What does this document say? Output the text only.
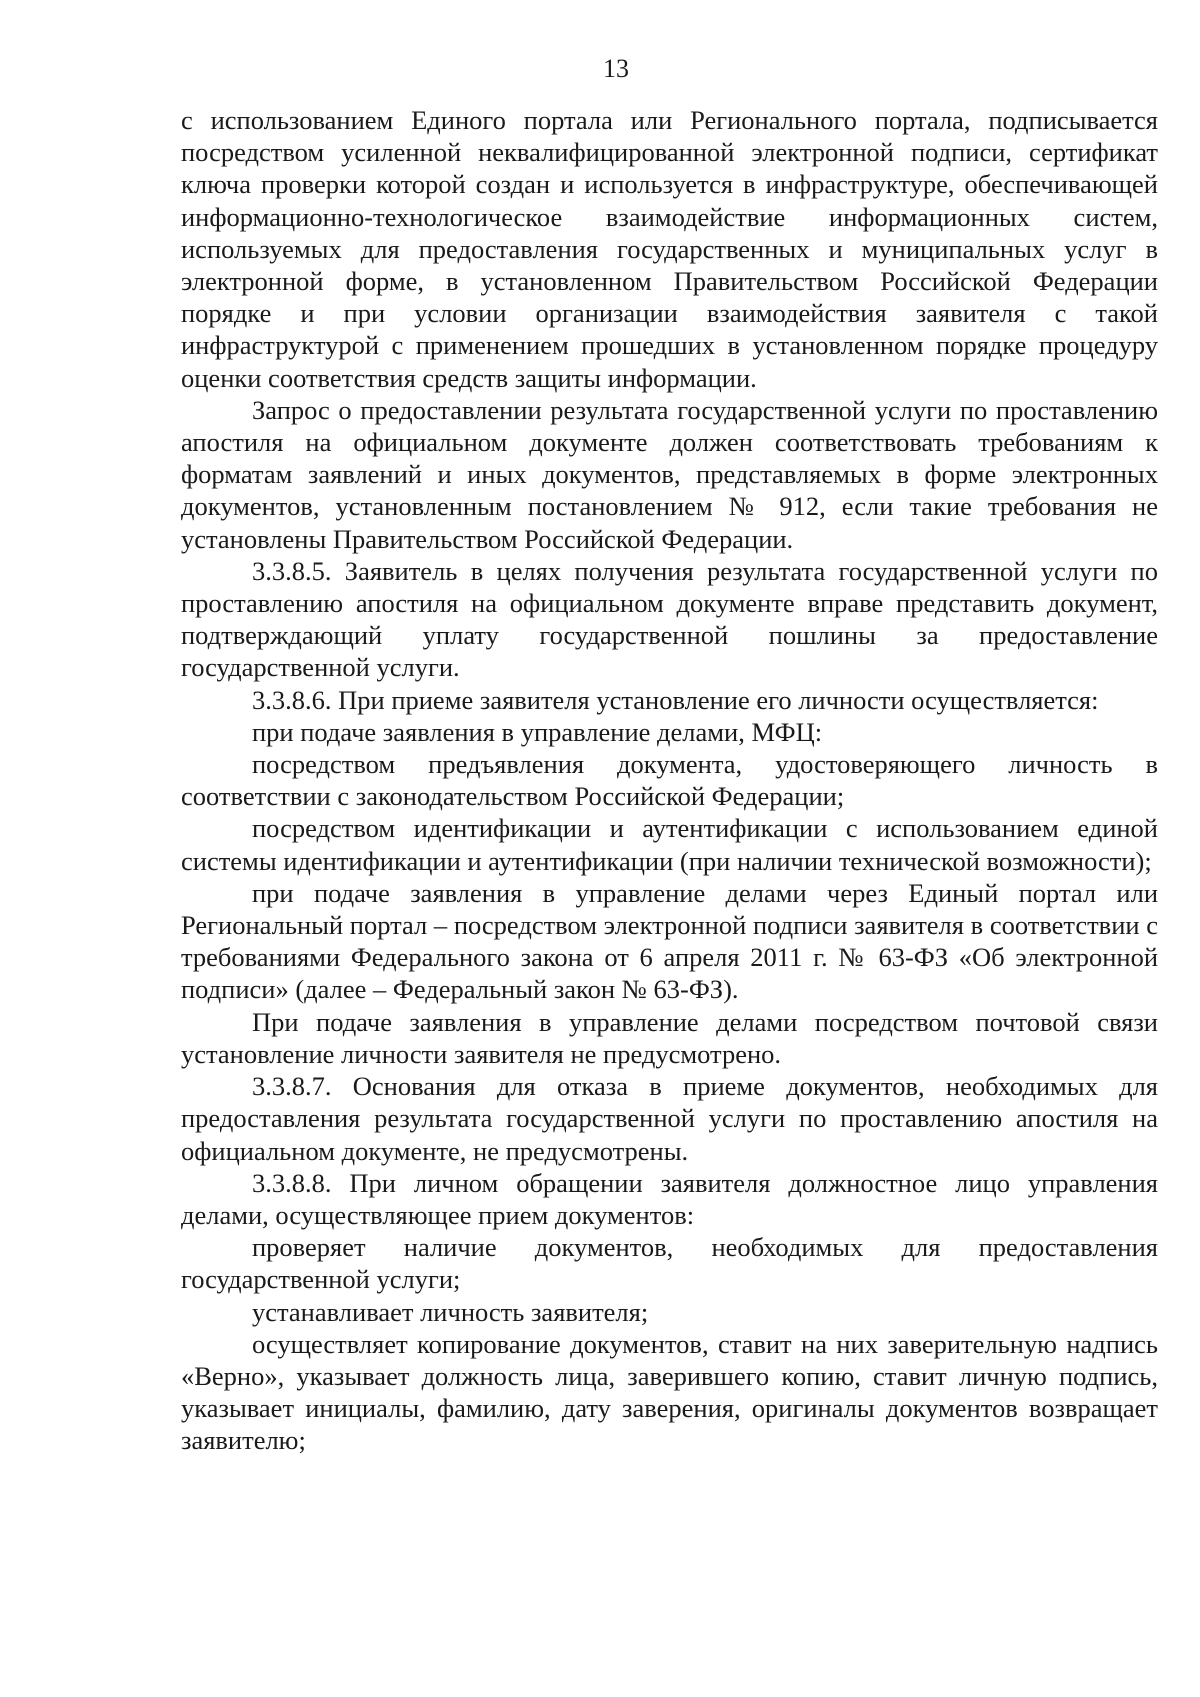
13

с использованием Единого портала или Регионального портала, подписывается посредством усиленной неквалифицированной электронной подписи, сертификат ключа проверки которой создан и используется в инфраструктуре, обеспечивающей информационно-технологическое взаимодействие информационных систем, используемых для предоставления государственных и муниципальных услуг в электронной форме, в установленном Правительством Российской Федерации порядке и при условии организации взаимодействия заявителя с такой инфраструктурой с применением прошедших в установленном порядке процедуру оценки соответствия средств защиты информации.

Запрос о предоставлении результата государственной услуги по проставлению апостиля на официальном документе должен соответствовать требованиям к форматам заявлений и иных документов, представляемых в форме электронных документов, установленным постановлением № 912, если такие требования не установлены Правительством Российской Федерации.

3.3.8.5. Заявитель в целях получения результата государственной услуги по проставлению апостиля на официальном документе вправе представить документ, подтверждающий уплату государственной пошлины за предоставление государственной услуги.

3.3.8.6. При приеме заявителя установление его личности осуществляется:

при подаче заявления в управление делами, МФЦ:

посредством предъявления документа, удостоверяющего личность в соответствии с законодательством Российской Федерации;

посредством идентификации и аутентификации с использованием единой системы идентификации и аутентификации (при наличии технической возможности);

при подаче заявления в управление делами через Единый портал или Региональный портал – посредством электронной подписи заявителя в соответствии с требованиями Федерального закона от 6 апреля 2011 г. № 63-ФЗ «Об электронной подписи» (далее – Федеральный закон № 63-ФЗ).

При подаче заявления в управление делами посредством почтовой связи установление личности заявителя не предусмотрено.

3.3.8.7. Основания для отказа в приеме документов, необходимых для предоставления результата государственной услуги по проставлению апостиля на официальном документе, не предусмотрены.

3.3.8.8. При личном обращении заявителя должностное лицо управления делами, осуществляющее прием документов:

проверяет наличие документов, необходимых для предоставления государственной услуги;

устанавливает личность заявителя;

осуществляет копирование документов, ставит на них заверительную надпись «Верно», указывает должность лица, заверившего копию, ставит личную подпись, указывает инициалы, фамилию, дату заверения, оригиналы документов возвращает заявителю;
